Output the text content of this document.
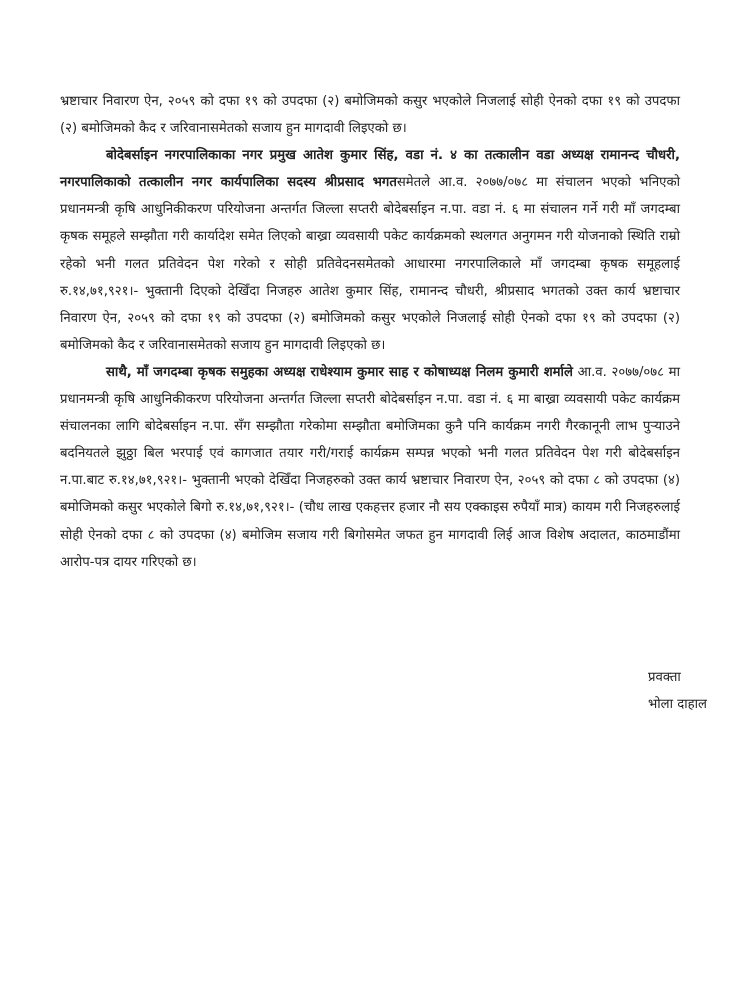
भ्रष्टाचार निवारण ऐन, २०५९ को दफा १९ को उपदफा (२) बमोजिमको कसुर भएकोले निजलाई सोही ऐनको दफा १९ को उपदफा (२) बमोजिमको कैद र जरिवानासमेतको सजाय हुन मागदावी लिइएको छ।

बोदेबर्साइन नगरपालिकाका नगर प्रमुख आतेश कुमार सिंह, वडा नं. ४ का तत्कालीन वडा अध्यक्ष रामानन्द चौधरी, नगरपालिकाको तत्कालीन नगर कार्यपालिका सदस्य श्रीप्रसाद भगतसमेतले आ.व. २०७७/०७८ मा संचालन भएको भनिएको प्रधानमन्त्री कृषि आधुनिकीकरण परियोजना अन्तर्गत जिल्ला सप्तरी बोदेबर्साइन न.पा. वडा नं. ६ मा संचालन गर्ने गरी माँ जगदम्बा कृषक समूहले सम्झौता गरी कार्यादेश समेत लिएको बाख्रा व्यवसायी पकेट कार्यक्रमको स्थलगत अनुगमन गरी योजनाको स्थिति राम्रो रहेको भनी गलत प्रतिवेदन पेश गरेको र सोही प्रतिवेदनसमेतको आधारमा नगरपालिकाले माँ जगदम्बा कृषक समूहलाई रु.१४,७१,९२१।- भुक्तानी दिएको देखिँदा निजहरु आतेश कुमार सिंह, रामानन्द चौधरी, श्रीप्रसाद भगतको उक्त कार्य भ्रष्टाचार निवारण ऐन, २०५९ को दफा १९ को उपदफा (२) बमोजिमको कसुर भएकोले निजलाई सोही ऐनको दफा १९ को उपदफा (२) बमोजिमको कैद र जरिवानासमेतको सजाय हुन मागदावी लिइएको छ।

साथै, माँ जगदम्बा कृषक समुहका अध्यक्ष राधेश्याम कुमार साह र कोषाध्यक्ष निलम कुमारी शर्माले आ.व. २०७७/०७८ मा प्रधानमन्त्री कृषि आधुनिकीकरण परियोजना अन्तर्गत जिल्ला सप्तरी बोदेबर्साइन न.पा. वडा नं. ६ मा बाख्रा व्यवसायी पकेट कार्यक्रम संचालनका लागि बोदेबर्साइन न.पा. सँग सम्झौता गरेकोमा सम्झौता बमोजिमका कुनै पनि कार्यक्रम नगरी गैरकानूनी लाभ पुऱ्याउने बदनियतले झुठ्ठा बिल भरपाई एवं कागजात तयार गरी/गराई कार्यक्रम सम्पन्न भएको भनी गलत प्रतिवेदन पेश गरी बोदेबर्साइन न.पा.बाट रु.१४,७१,९२१।- भुक्तानी भएको देखिँदा निजहरुको उक्त कार्य भ्रष्टाचार निवारण ऐन, २०५९ को दफा ८ को उपदफा (४) बमोजिमको कसुर भएकोले बिगो रु.१४,७१,९२१।- (चौध लाख एकहत्तर हजार नौ सय एक्काइस रुपैयाँ मात्र) कायम गरी निजहरुलाई सोही ऐनको दफा ८ को उपदफा (४) बमोजिम सजाय गरी बिगोसमेत जफत हुन मागदावी लिई आज विशेष अदालत, काठमाडौंमा आरोप-पत्र दायर गरिएको छ।

प्रवक्ता
भोला दाहाल
